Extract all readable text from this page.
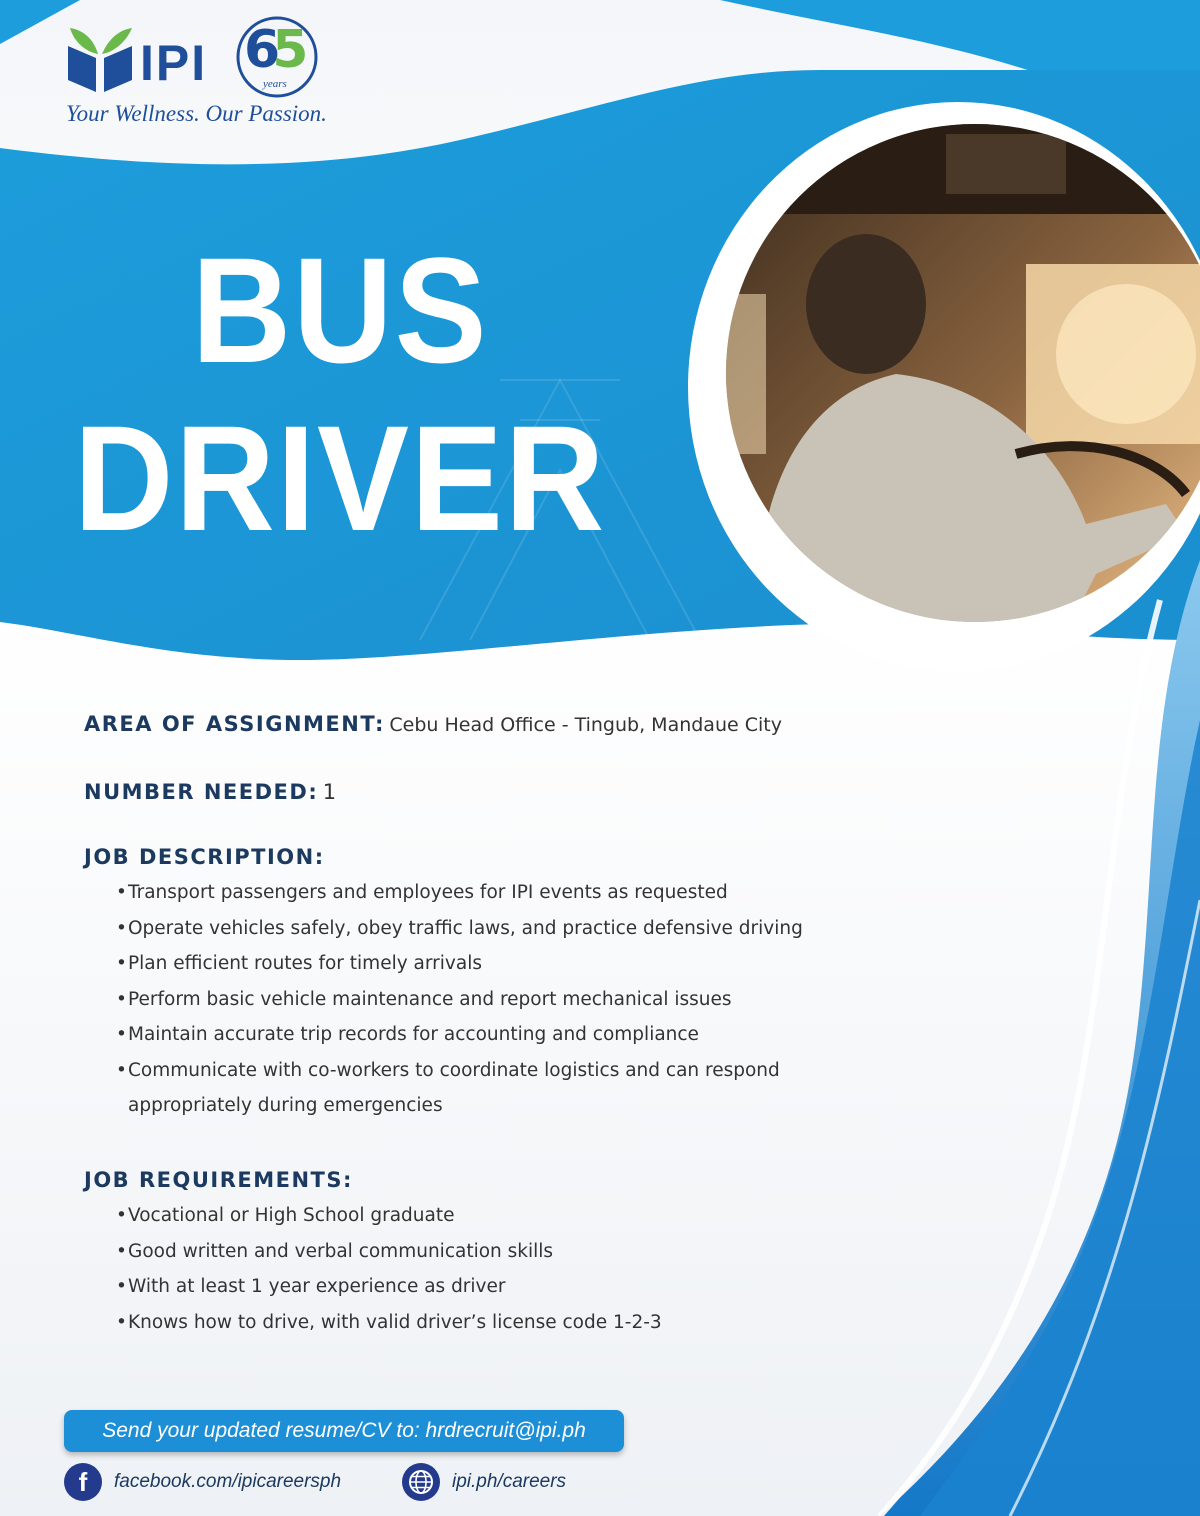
IPI 65
years
Your Wellness. Our Passion.
BUS
DRIVER
AREA OF ASSIGNMENT: Cebu Head Office - Tingub, Mandaue City
NUMBER NEEDED: 1
JOB DESCRIPTION:
• Transport passengers and employees for IPI events as requested
• Operate vehicles safely, obey traffic laws, and practice defensive driving
• Plan efficient routes for timely arrivals
• Perform basic vehicle maintenance and report mechanical issues
• Maintain accurate trip records for accounting and compliance
• Communicate with co-workers to coordinate logistics and can respond appropriately during emergencies
JOB REQUIREMENTS:
• Vocational or High School graduate
• Good written and verbal communication skills
• With at least 1 year experience as driver
• Knows how to drive, with valid driver’s license code 1-2-3
Send your updated resume/CV to: hrdrecruit@ipi.ph
f	facebook.com/ipicareersph	ipi.ph/careers
